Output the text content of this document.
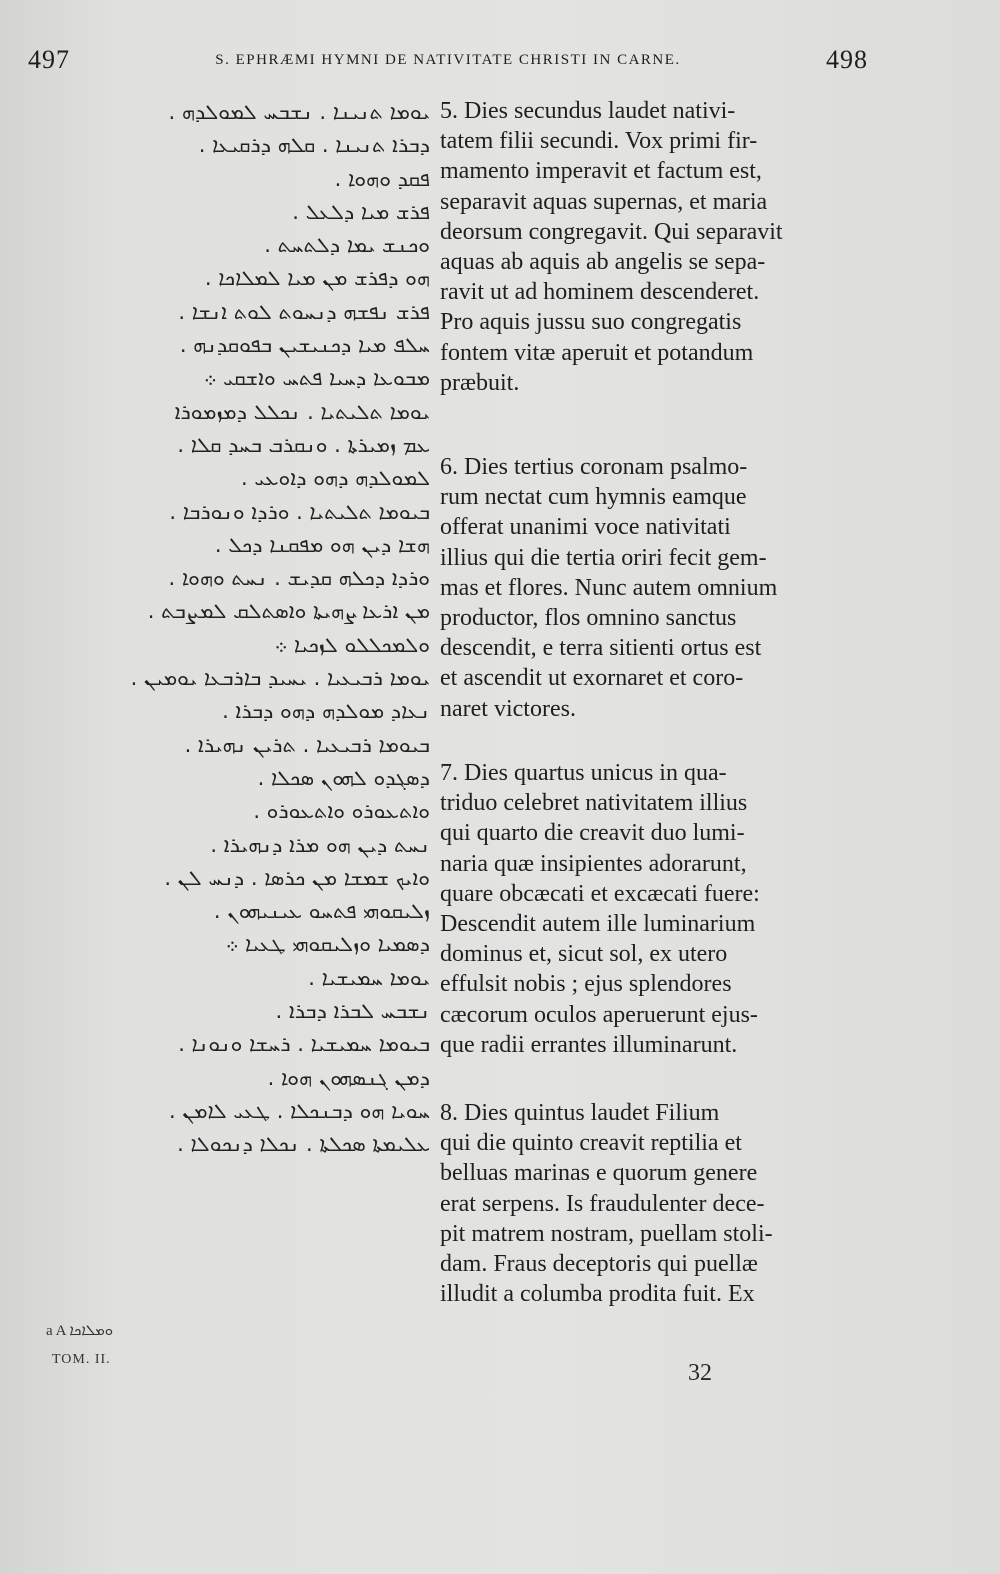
497	S. EPHRÆMI HYMNI DE NATIVITATE CHRISTI IN CARNE.	498
ܝܘܡܐ ܬܢܝܢܐ . ܢܫܒܚ ܠܡܘܠܕܗ .
ܕܒܪܐ ܬܢܝܢܐ . ܩܠܗ ܕܪܩܝܥܐ .
ܦܩܕ ܘܗܘܐ .
ܦܪܫ ܡܝܐ ܕܠܥܠ .
ܘܟܢܫ ܝܡܐ ܕܠܬܚܬ .
ܗܘ ܕܦܪܫ ܡܢ ܡܝܐ ܠܡܠܐܟܐ .
ܦܪܫ ܢܦܫܗ ܕܢܚܘܬ ܠܘܬ ܐܢܫܐ .
ܚܠܦ ܡܝܐ ܕܟܢܝܫܝܢ ܒܦܘܩܕܢܗ .
ܡܒܘܥܐ ܕܚܝܐ ܦܬܚ ܘܐܫܩܝ ܀
ܝܘܡܐ ܬܠܝܬܝܐ . ܢܟܠܠ ܕܡܙܡܘܪܐ
ܥܡ ܙܡܝܪܬܐ . ܘܢܩܪܒ ܒܚܕ ܩܠܐ .
ܠܡܘܠܕܗ ܕܗܘ ܕܐܘܥܝ .
ܒܝܘܡܐ ܬܠܝܬܝܐ . ܘܪܕܐ ܘܢܘܪܒܐ .
ܗܫܐ ܕܝܢ ܗܘ ܡܦܩܢܐ ܕܟܠ .
ܘܪܕܐ ܕܟܠܗ ܩܕܝܫ . ܢܚܬ ܘܗܘܐ .
ܡܢ ܐܪܥܐ ܨܗܝܬܐ ܘܐܣܬܠܩ ܠܡܨܒܬ .
ܘܠܡܟܠܠܘ ܠܙܟܝܐ ܀
ܝܘܡܐ ܪܒܝܥܝܐ . ܝܚܝܕ ܒܐܪܒܥܐ ܝܘܡܝܢ .
ܢܥܐܕ ܡܘܠܕܗ ܕܗܘ ܕܒܪܐ .
ܒܝܘܡܐ ܪܒܝܥܝܐ . ܬܪܝܢ ܢܗܝܪܐ .
ܕܣܓܕܘ ܠܗܘܢ ܣܟܠܐ .
ܘܐܬܥܘܪܘ ܘܐܬܥܘܪܘ .
ܢܚܬ ܕܝܢ ܗܘ ܡܪܐ ܕܢܗܝܪܐ .
ܘܐܝܟ ܫܡܫܐ ܡܢ ܟܪܣܐ . ܕܢܚ ܠܢ .
ܙܠܝܩܘܗܝ ܦܬܚܘ ܥܝܢܝܗܘܢ .
ܕܣܡܝܐ ܘܙܠܝܩܘܗܝ ܛܥܝܐ ܀
ܝܘܡܐ ܚܡܝܫܝܐ .
ܢܫܒܚ ܠܒܪܐ ܕܒܪܐ .
ܒܝܘܡܐ ܚܡܝܫܝܐ . ܪܚܫܐ ܘܢܘܢܐ .
ܕܡܢ ܓܢܣܗܘܢ ܗܘܐ .
ܚܘܝܐ ܗܘ ܕܒܢܟܠܐ . ܛܥܝ ܠܐܡܢ .
ܥܠܝܡܬܐ ܣܟܠܬܐ . ܢܟܠܐ ܕܢܟܘܠܐ .

5. Dies secundus laudet nativi-
tatem filii secundi. Vox primi fir-
mamento imperavit et factum est,
separavit aquas supernas, et maria
deorsum congregavit. Qui separavit
aquas ab aquis ab angelis se sepa-
ravit ut ad hominem descenderet.
Pro aquis jussu suo congregatis
fontem vitæ aperuit et potandum
præbuit.

6. Dies tertius coronam psalmo-
rum nectat cum hymnis eamque
offerat unanimi voce nativitati
illius qui die tertia oriri fecit gem-
mas et flores. Nunc autem omnium
productor, flos omnino sanctus
descendit, e terra sitienti ortus est
et ascendit ut exornaret et coro-
naret victores.

7. Dies quartus unicus in qua-
triduo celebret nativitatem illius
qui quarto die creavit duo lumi-
naria quæ insipientes adorarunt,
quare obcæcati et excæcati fuere:
Descendit autem ille luminarium
dominus et, sicut sol, ex utero
effulsit nobis ; ejus splendores
cæcorum oculos aperuerunt ejus-
que radii errantes illuminarunt.

8. Dies quintus laudet Filium
qui die quinto creavit reptilia et
belluas marinas e quorum genere
erat serpens. Is fraudulenter dece-
pit matrem nostram, puellam stoli-
dam. Fraus deceptoris qui puellæ
illudit a columba prodita fuit. Ex

a A ܘܡܠܐܟܐ
TOM. II.
32
